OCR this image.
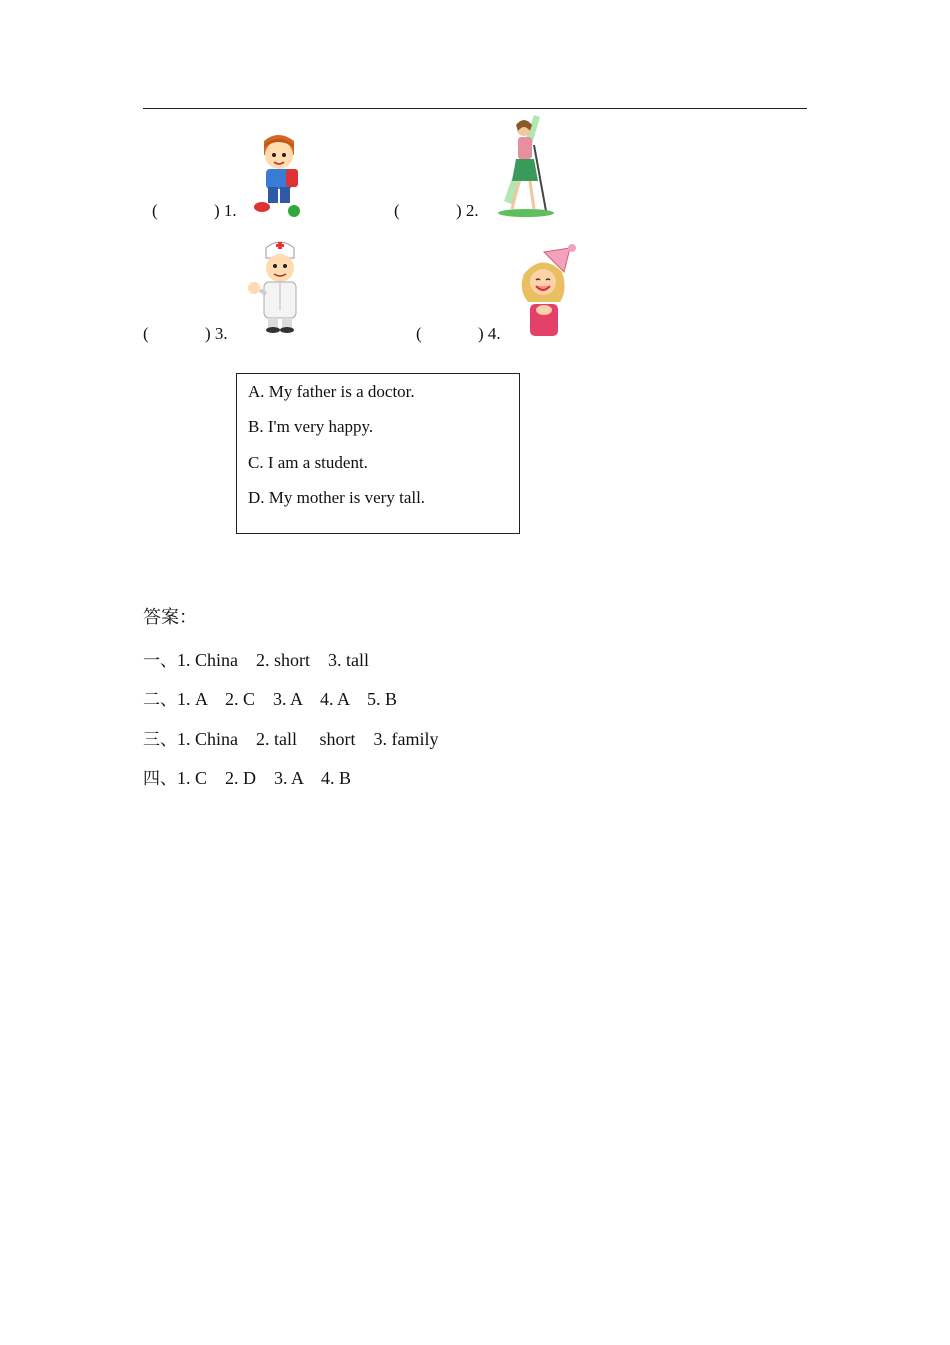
(	) 1.	(	) 2.
(	) 3.	(	) 4.
A. My father is a doctor.
B. I'm very happy.
C. I am a student.
D. My mother is very tall.
答案：
一、1. China    2. short    3. tall
二、1. A    2. C    3. A    4. A    5. B
三、1. China    2. tall     short    3. family
四、1. C    2. D    3. A    4. B
